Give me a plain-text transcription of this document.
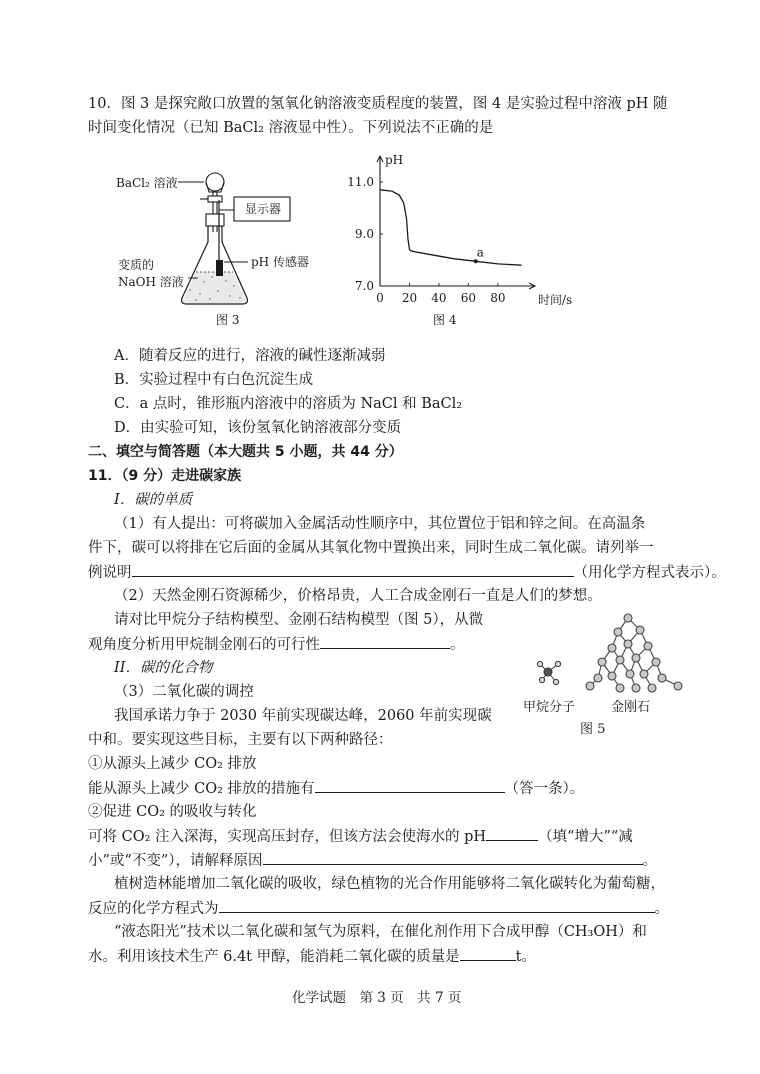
10．图 3 是探究敞口放置的氢氧化钠溶液变质程度的装置，图 4 是实验过程中溶液 pH 随
时间变化情况（已知 BaCl₂ 溶液显中性）。下列说法不正确的是
BaCl₂ 溶液
显示器
pH 传感器
变质的
NaOH 溶液
图 3
pH
时间/s
0 20 40 60 80
7.0
9.0
11.0
a
图 4
A．随着反应的进行，溶液的碱性逐渐减弱
B．实验过程中有白色沉淀生成
C．a 点时，锥形瓶内溶液中的溶质为 NaCl 和 BaCl₂
D．由实验可知，该份氢氧化钠溶液部分变质
二、填空与简答题（本大题共 5 小题，共 44 分）
11．（9 分）走进碳家族
I．碳的单质
（1）有人提出：可将碳加入金属活动性顺序中，其位置位于铝和锌之间。在高温条
件下，碳可以将排在它后面的金属从其氧化物中置换出来，同时生成二氧化碳。请列举一
例说明	（用化学方程式表示）。
（2）天然金刚石资源稀少，价格昂贵，人工合成金刚石一直是人们的梦想。
请对比甲烷分子结构模型、金刚石结构模型（图 5），从微
观角度分析用甲烷制金刚石的可行性	。
II．碳的化合物
（3）二氧化碳的调控
我国承诺力争于 2030 年前实现碳达峰，2060 年前实现碳
中和。要实现这些目标，主要有以下两种路径：
甲烷分子	金刚石
图 5
①从源头上减少 CO₂ 排放
能从源头上减少 CO₂ 排放的措施有	（答一条）。
②促进 CO₂ 的吸收与转化
可将 CO₂ 注入深海，实现高压封存，但该方法会使海水的 pH	（填“增大”“减
小”或“不变”），请解释原因	。
植树造林能增加二氧化碳的吸收，绿色植物的光合作用能够将二氧化碳转化为葡萄糖，
反应的化学方程式为	。
“液态阳光”技术以二氧化碳和氢气为原料，在催化剂作用下合成甲醇（CH₃OH）和
水。利用该技术生产 6.4t 甲醇，能消耗二氧化碳的质量是	t。
化学试题　第 3 页　共 7 页
